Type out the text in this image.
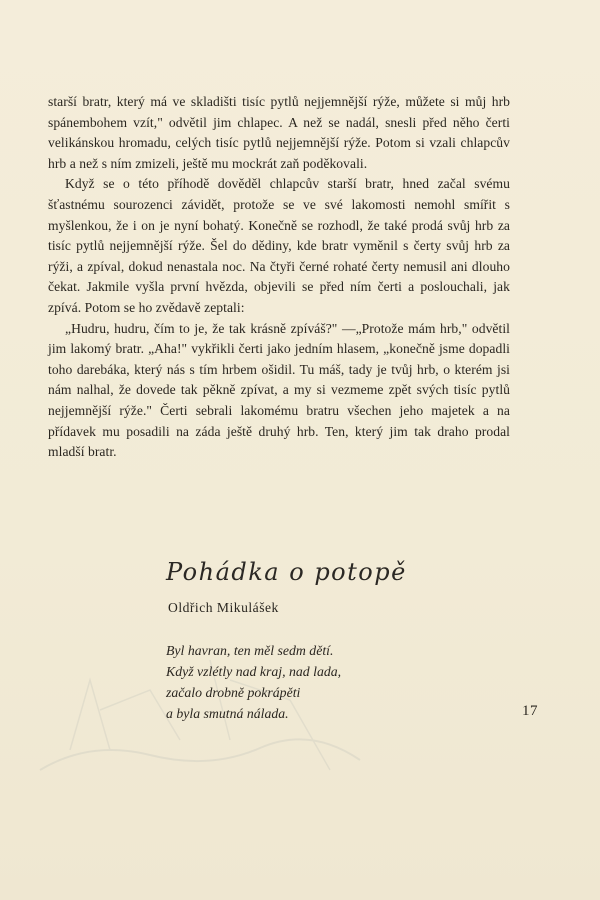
starší bratr, který má ve skladišti tisíc pytlů nejjemnější rýže, můžete si můj hrb spánembohem vzít," odvětil jim chlapec. A než se nadál, snesli před něho čerti velikánskou hromadu, celých tisíc pytlů nejjemnější rýže. Potom si vzali chlapcův hrb a než s ním zmizeli, ještě mu mockrát zaň poděkovali.

Když se o této příhodě dověděl chlapcův starší bratr, hned začal svému šťastnému sourozenci závidět, protože se ve své lakomosti nemohl smířit s myšlenkou, že i on je nyní bohatý. Konečně se rozhodl, že také prodá svůj hrb za tisíc pytlů nejjemnější rýže. Šel do dědiny, kde bratr vyměnil s čerty svůj hrb za rýži, a zpíval, dokud nenastala noc. Na čtyři černé rohaté čerty nemusil ani dlouho čekat. Jakmile vyšla první hvězda, objevili se před ním čerti a poslouchali, jak zpívá. Potom se ho zvědavě zeptali:

„Hudru, hudru, čím to je, že tak krásně zpíváš?" —„Protože mám hrb," odvětil jim lakomý bratr. „Aha!" vykřikli čerti jako jedním hlasem, „konečně jsme dopadli toho darebáka, který nás s tím hrbem ošidil. Tu máš, tady je tvůj hrb, o kterém jsi nám nalhal, že dovede tak pěkně zpívat, a my si vezmeme zpět svých tisíc pytlů nejjemnější rýže." Čerti sebrali lakomému bratru všechen jeho majetek a na přídavek mu posadili na záda ještě druhý hrb. Ten, který jim tak draho prodal mladší bratr.

Pohádka o potopě
Oldřich Mikulášek
Byl havran, ten měl sedm dětí.
Když vzlétly nad kraj, nad lada,
začalo drobně pokrápěti
a byla smutná nálada.	17
